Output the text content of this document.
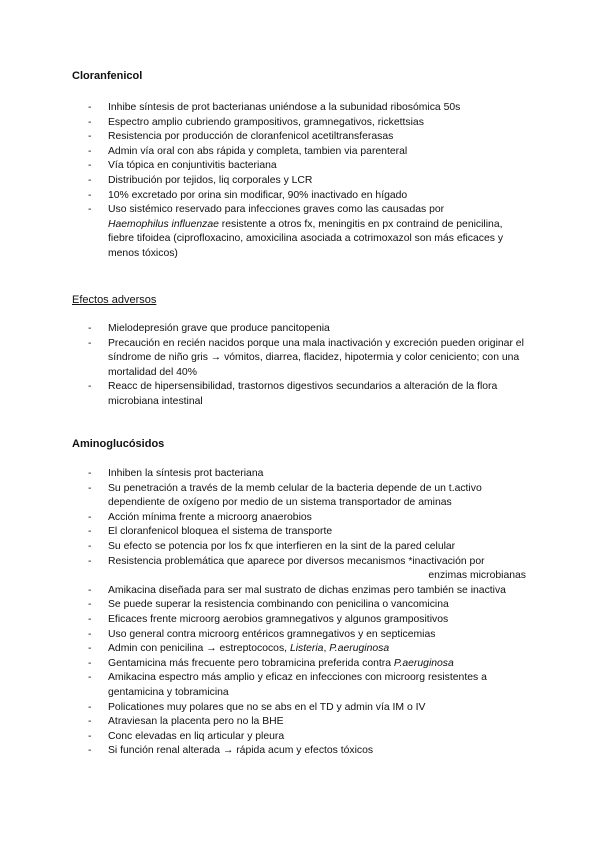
Cloranfenicol
- Inhibe síntesis de prot bacterianas uniéndose a la subunidad ribosómica 50s
- Espectro amplio cubriendo grampositivos, gramnegativos, rickettsias
- Resistencia por producción de cloranfenicol acetiltransferasas
- Admin vía oral con abs rápida y completa, tambien via parenteral
- Vía tópica en conjuntivitis bacteriana
- Distribución por tejidos, liq corporales y LCR
- 10% excretado por orina sin modificar, 90% inactivado en hígado
- Uso sistémico reservado para infecciones graves como las causadas por
Haemophilus influenzae resistente a otros fx, meningitis en px contraind de penicilina, fiebre tifoidea (ciprofloxacino, amoxicilina asociada a cotrimoxazol son más eficaces y menos tóxicos)
Efectos adversos
- Mielodepresión grave que produce pancitopenia
- Precaución en recién nacidos porque una mala inactivación y excreción pueden originar el síndrome de niño gris → vómitos, diarrea, flacidez, hipotermia y color ceniciento; con una mortalidad del 40%
- Reacc de hipersensibilidad, trastornos digestivos secundarios a alteración de la flora microbiana intestinal
Aminoglucósidos
- Inhiben la síntesis prot bacteriana
- Su penetración a través de la memb celular de la bacteria depende de un t.activo dependiente de oxígeno por medio de un sistema transportador de aminas
- Acción mínima frente a microorg anaerobios
- El cloranfenicol bloquea el sistema de transporte
- Su efecto se potencia por los fx que interfieren en la sint de la pared celular
- Resistencia problemática que aparece por diversos mecanismos *inactivación por
enzimas microbianas
- Amikacina diseñada para ser mal sustrato de dichas enzimas pero también se inactiva
- Se puede superar la resistencia combinando con penicilina o vancomicina
- Eficaces frente microorg aerobios gramnegativos y algunos grampositivos
- Uso general contra microorg entéricos gramnegativos y en septicemias
- Admin con penicilina → estreptococos, Listeria, P.aeruginosa
- Gentamicina más frecuente pero tobramicina preferida contra P.aeruginosa
- Amikacina espectro más amplio y eficaz en infecciones con microorg resistentes a gentamicina y tobramicina
- Policationes muy polares que no se abs en el TD y admin vía IM o IV
- Atraviesan la placenta pero no la BHE
- Conc elevadas en liq articular y pleura
- Si función renal alterada → rápida acum y efectos tóxicos
